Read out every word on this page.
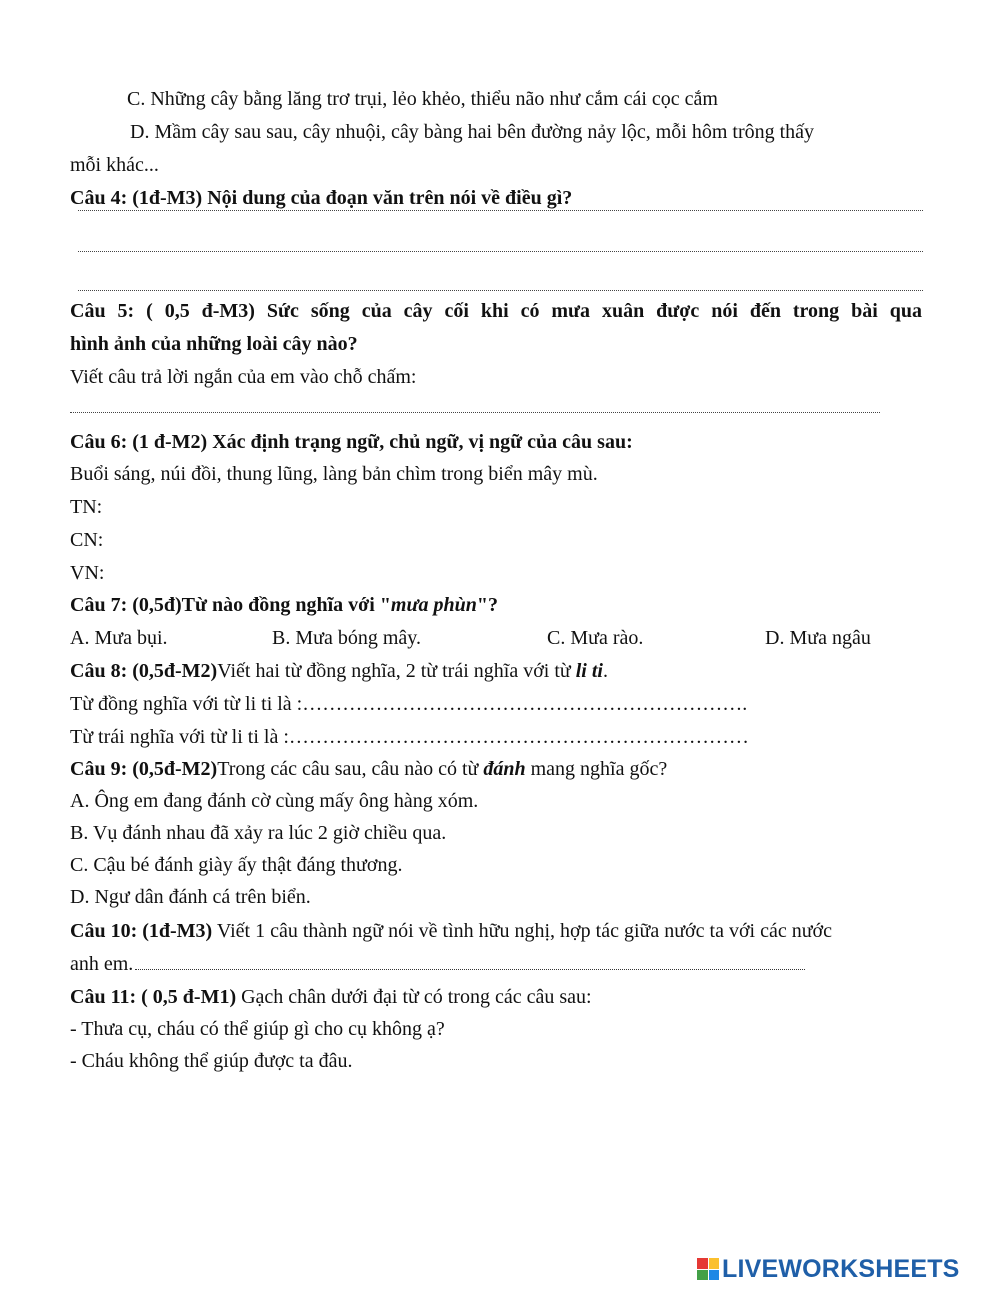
C. Những cây bằng lăng trơ trụi, lẻo khẻo, thiểu não như cắm cái cọc cắm
D. Mầm cây sau sau, cây nhuội, cây bàng hai bên đường nảy lộc, mỗi hôm trông thấy
mỗi khác...
Câu 4: (1đ-M3) Nội dung của đoạn văn trên nói về điều gì?
Câu 5: ( 0,5 đ-M3) Sức sống của cây cối khi có mưa xuân được nói đến trong bài qua
hình ảnh của những loài cây nào?
Viết câu trả lời ngắn của em vào chỗ chấm:
Câu 6: (1 đ-M2) Xác định trạng ngữ, chủ ngữ, vị ngữ của câu sau:
Buổi sáng, núi đồi, thung lũng, làng bản chìm trong biển mây mù.
TN:
CN:
VN:
Câu 7: (0,5đ)Từ nào đồng nghĩa với "mưa phùn"?
A. Mưa bụi.	B. Mưa bóng mây.	C. Mưa rào.	D. Mưa ngâu
Câu 8: (0,5đ-M2)Viết hai từ đồng nghĩa, 2 từ trái nghĩa với từ li ti.
Từ đồng nghĩa với từ li ti là :………………………………………………………….
Từ trái nghĩa với từ li ti là :……………………………………………………………
Câu 9: (0,5đ-M2)Trong các câu sau, câu nào có từ đánh mang nghĩa gốc?
A. Ông em đang đánh cờ cùng mấy ông hàng xóm.
B. Vụ đánh nhau đã xảy ra lúc 2 giờ chiều qua.
C. Cậu bé đánh giày ấy thật đáng thương.
D. Ngư dân đánh cá trên biển.
Câu 10: (1đ-M3) Viết 1 câu thành ngữ nói về tình hữu nghị, hợp tác giữa nước ta với các nước
anh em.
Câu 11: ( 0,5 đ-M1) Gạch chân dưới đại từ có trong các câu sau:
- Thưa cụ, cháu có thể giúp gì cho cụ không ạ?
- Cháu không thể giúp được ta đâu.
LIVEWORKSHEETS
